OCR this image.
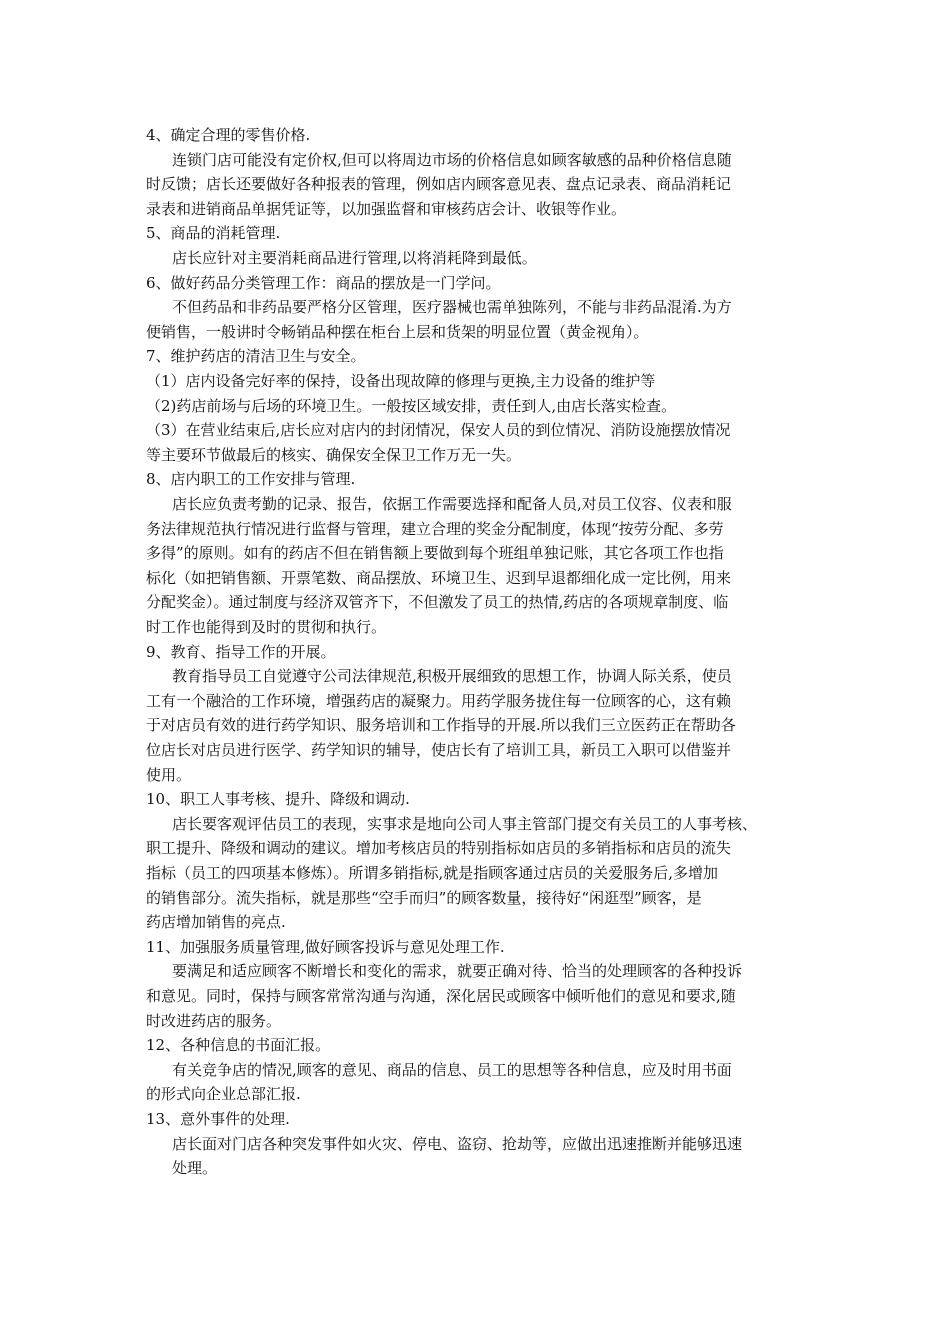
4、确定合理的零售价格.
连锁门店可能没有定价权,但可以将周边市场的价格信息如顾客敏感的品种价格信息随
时反馈；店长还要做好各种报表的管理，例如店内顾客意见表、盘点记录表、商品消耗记
录表和进销商品单据凭证等，以加强监督和审核药店会计、收银等作业。
5、商品的消耗管理.
店长应针对主要消耗商品进行管理,以将消耗降到最低。
6、做好药品分类管理工作：商品的摆放是一门学问。
不但药品和非药品要严格分区管理，医疗器械也需单独陈列，不能与非药品混淆.为方
便销售，一般讲时令畅销品种摆在柜台上层和货架的明显位置（黄金视角）。
7、维护药店的清洁卫生与安全。
（1）店内设备完好率的保持，设备出现故障的修理与更换,主力设备的维护等
（2)药店前场与后场的环境卫生。一般按区域安排，责任到人,由店长落实检查。
（3）在营业结束后,店长应对店内的封闭情况，保安人员的到位情况、消防设施摆放情况
等主要环节做最后的核实、确保安全保卫工作万无一失。
8、店内职工的工作安排与管理.
店长应负责考勤的记录、报告，依据工作需要选择和配备人员,对员工仪容、仪表和服
务法律规范执行情况进行监督与管理，建立合理的奖金分配制度，体现“按劳分配、多劳
多得”的原则。如有的药店不但在销售额上要做到每个班组单独记账，其它各项工作也指
标化（如把销售额、开票笔数、商品摆放、环境卫生、迟到早退都细化成一定比例，用来
分配奖金）。通过制度与经济双管齐下，不但激发了员工的热情,药店的各项规章制度、临
时工作也能得到及时的贯彻和执行。
9、教育、指导工作的开展。
教育指导员工自觉遵守公司法律规范,积极开展细致的思想工作，协调人际关系，使员
工有一个融洽的工作环境，增强药店的凝聚力。用药学服务拢住每一位顾客的心，这有赖
于对店员有效的进行药学知识、服务培训和工作指导的开展.所以我们三立医药正在帮助各
位店长对店员进行医学、药学知识的辅导，使店长有了培训工具，新员工入职可以借鉴并
使用。
10、职工人事考核、提升、降级和调动.
店长要客观评估员工的表现，实事求是地向公司人事主管部门提交有关员工的人事考核、
职工提升、降级和调动的建议。增加考核店员的特别指标如店员的多销指标和店员的流失
指标（员工的四项基本修炼）。所谓多销指标,就是指顾客通过店员的关爱服务后,多增加
的销售部分。流失指标，就是那些“空手而归”的顾客数量，接待好“闲逛型”顾客，是
药店增加销售的亮点.
11、加强服务质量管理,做好顾客投诉与意见处理工作.
要满足和适应顾客不断增长和变化的需求，就要正确对待、恰当的处理顾客的各种投诉
和意见。同时，保持与顾客常常沟通与沟通，深化居民或顾客中倾听他们的意见和要求,随
时改进药店的服务。
12、各种信息的书面汇报。
有关竞争店的情况,顾客的意见、商品的信息、员工的思想等各种信息，应及时用书面
的形式向企业总部汇报.
13、意外事件的处理.
店长面对门店各种突发事件如火灾、停电、盗窃、抢劫等，应做出迅速推断并能够迅速
处理。
